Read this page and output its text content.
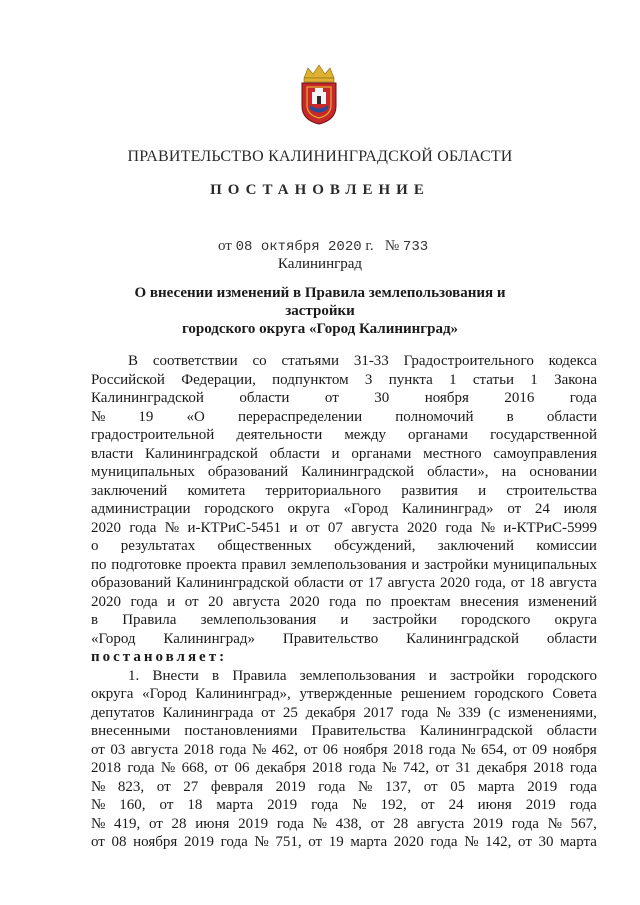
ПРАВИТЕЛЬСТВО КАЛИНИНГРАДСКОЙ ОБЛАСТИ
ПОСТАНОВЛЕНИЕ
от 08 октября 2020 г. № 733
Калининград
О внесении изменений в Правила землепользования и застройки
городского округа «Город Калининград»
В соответствии со статьями 31-33 Градостроительного кодекса
Российской Федерации, подпунктом 3 пункта 1 статьи 1 Закона
Калининградской области от 30 ноября 2016 года
№ 19 «О перераспределении полномочий в области
градостроительной деятельности между органами государственной
власти Калининградской области и органами местного самоуправления
муниципальных образований Калининградской области», на основании
заключений комитета территориального развития и строительства
администрации городского округа «Город Калининград» от 24 июля
2020 года № и-КТРиС-5451 и от 07 августа 2020 года № и-КТРиС-5999
о результатах общественных обсуждений, заключений комиссии
по подготовке проекта правил землепользования и застройки муниципальных
образований Калининградской области от 17 августа 2020 года, от 18 августа
2020 года и от 20 августа 2020 года по проектам внесения изменений
в Правила землепользования и застройки городского округа
«Город Калининград» Правительство Калининградской области
постановляет:
1. Внести в Правила землепользования и застройки городского
округа «Город Калининград», утвержденные решением городского Совета
депутатов Калининграда от 25 декабря 2017 года № 339 (с изменениями,
внесенными постановлениями Правительства Калининградской области
от 03 августа 2018 года № 462, от 06 ноября 2018 года № 654, от 09 ноября
2018 года № 668, от 06 декабря 2018 года № 742, от 31 декабря 2018 года
№ 823, от 27 февраля 2019 года № 137, от 05 марта 2019 года
№ 160, от 18 марта 2019 года № 192, от 24 июня 2019 года
№ 419, от 28 июня 2019 года № 438, от 28 августа 2019 года № 567,
от 08 ноября 2019 года № 751, от 19 марта 2020 года № 142, от 30 марта
